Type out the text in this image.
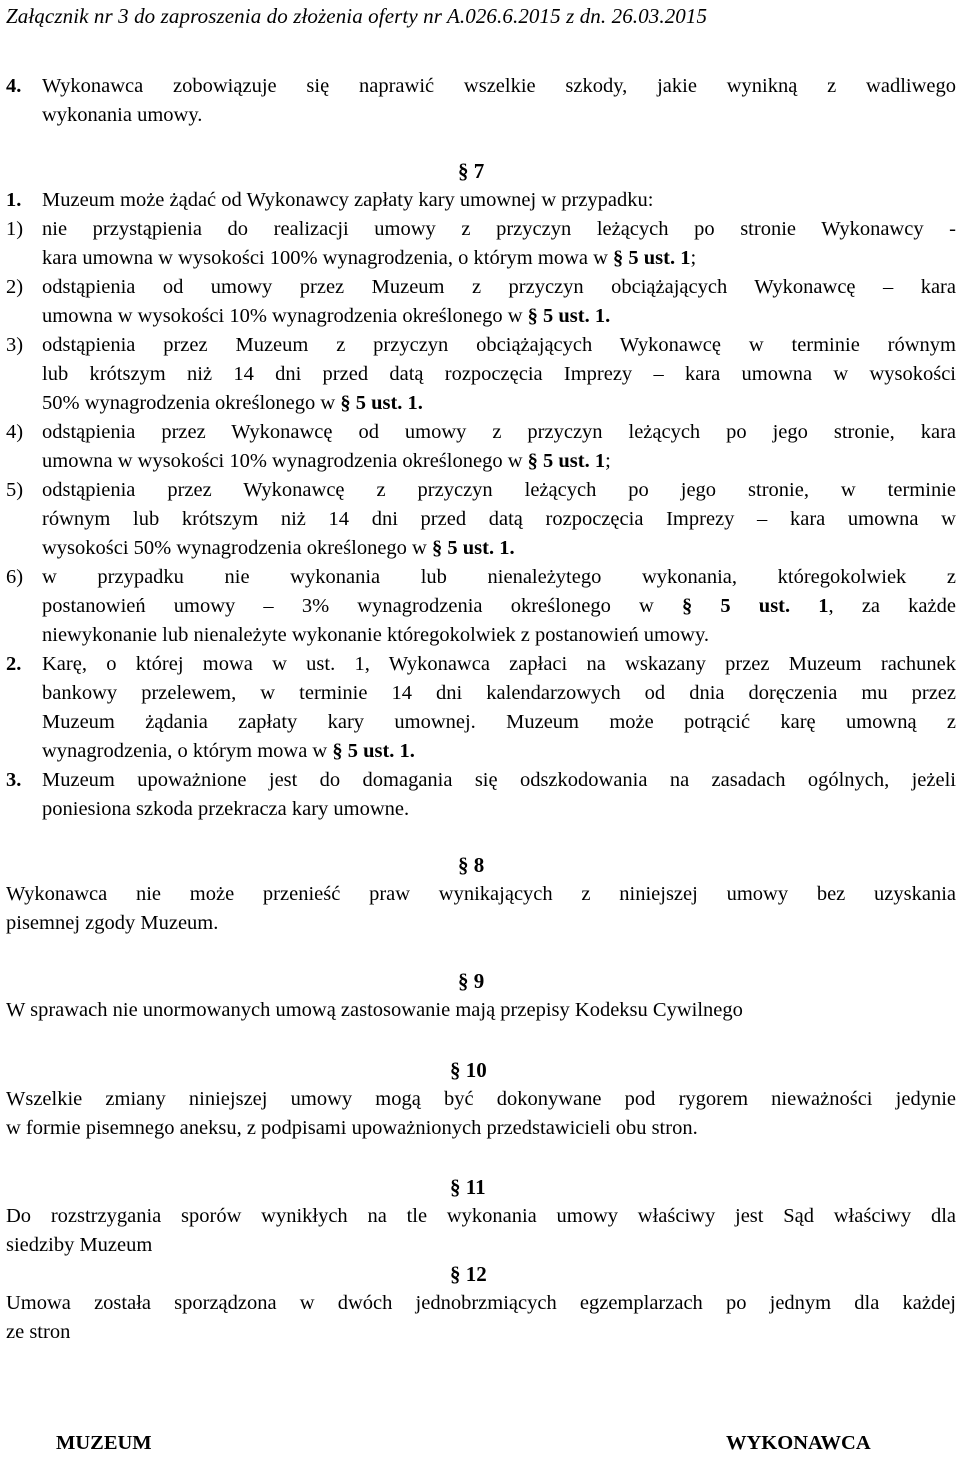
Załącznik nr 3 do zaproszenia do złożenia oferty nr A.026.6.2015 z dn. 26.03.2015
4. Wykonawca zobowiązuje się naprawić wszelkie szkody, jakie wynikną z wadliwego
wykonania umowy.
§ 7
1. Muzeum może żądać od Wykonawcy zapłaty kary umownej w przypadku:
1) nie przystąpienia do realizacji umowy z przyczyn leżących po stronie Wykonawcy -
kara umowna w wysokości 100% wynagrodzenia, o którym mowa w § 5 ust. 1;
2) odstąpienia od umowy przez Muzeum z przyczyn obciążających Wykonawcę – kara
umowna w wysokości 10% wynagrodzenia określonego w § 5 ust. 1.
3) odstąpienia przez Muzeum z przyczyn obciążających Wykonawcę w terminie równym
lub krótszym niż 14 dni przed datą rozpoczęcia Imprezy – kara umowna w wysokości
50% wynagrodzenia określonego w § 5 ust. 1.
4) odstąpienia przez Wykonawcę od umowy z przyczyn leżących po jego stronie, kara
umowna w wysokości 10% wynagrodzenia określonego w § 5 ust. 1;
5) odstąpienia przez Wykonawcę z przyczyn leżących po jego stronie, w terminie
równym lub krótszym niż 14 dni przed datą rozpoczęcia Imprezy – kara umowna w
wysokości 50% wynagrodzenia określonego w § 5 ust. 1.
6) w przypadku nie wykonania lub nienależytego wykonania, któregokolwiek z
postanowień umowy – 3% wynagrodzenia określonego w § 5 ust. 1, za każde
niewykonanie lub nienależyte wykonanie któregokolwiek z postanowień umowy.
2. Karę, o której mowa w ust. 1, Wykonawca zapłaci na wskazany przez Muzeum rachunek
bankowy przelewem, w terminie 14 dni kalendarzowych od dnia doręczenia mu przez
Muzeum żądania zapłaty kary umownej. Muzeum może potrącić karę umowną z
wynagrodzenia, o którym mowa w § 5 ust. 1.
3. Muzeum upoważnione jest do domagania się odszkodowania na zasadach ogólnych, jeżeli
poniesiona szkoda przekracza kary umowne.
§ 8
Wykonawca nie może przenieść praw wynikających z niniejszej umowy bez uzyskania
pisemnej zgody Muzeum.
§ 9
W sprawach nie unormowanych umową zastosowanie mają przepisy Kodeksu Cywilnego
§ 10
Wszelkie zmiany niniejszej umowy mogą być dokonywane pod rygorem nieważności jedynie
w formie pisemnego aneksu, z podpisami upoważnionych przedstawicieli obu stron.
§ 11
Do rozstrzygania sporów wynikłych na tle wykonania umowy właściwy jest Sąd właściwy dla
siedziby Muzeum
§ 12
Umowa została sporządzona w dwóch jednobrzmiących egzemplarzach po jednym dla każdej
ze stron
MUZEUM	WYKONAWCA
